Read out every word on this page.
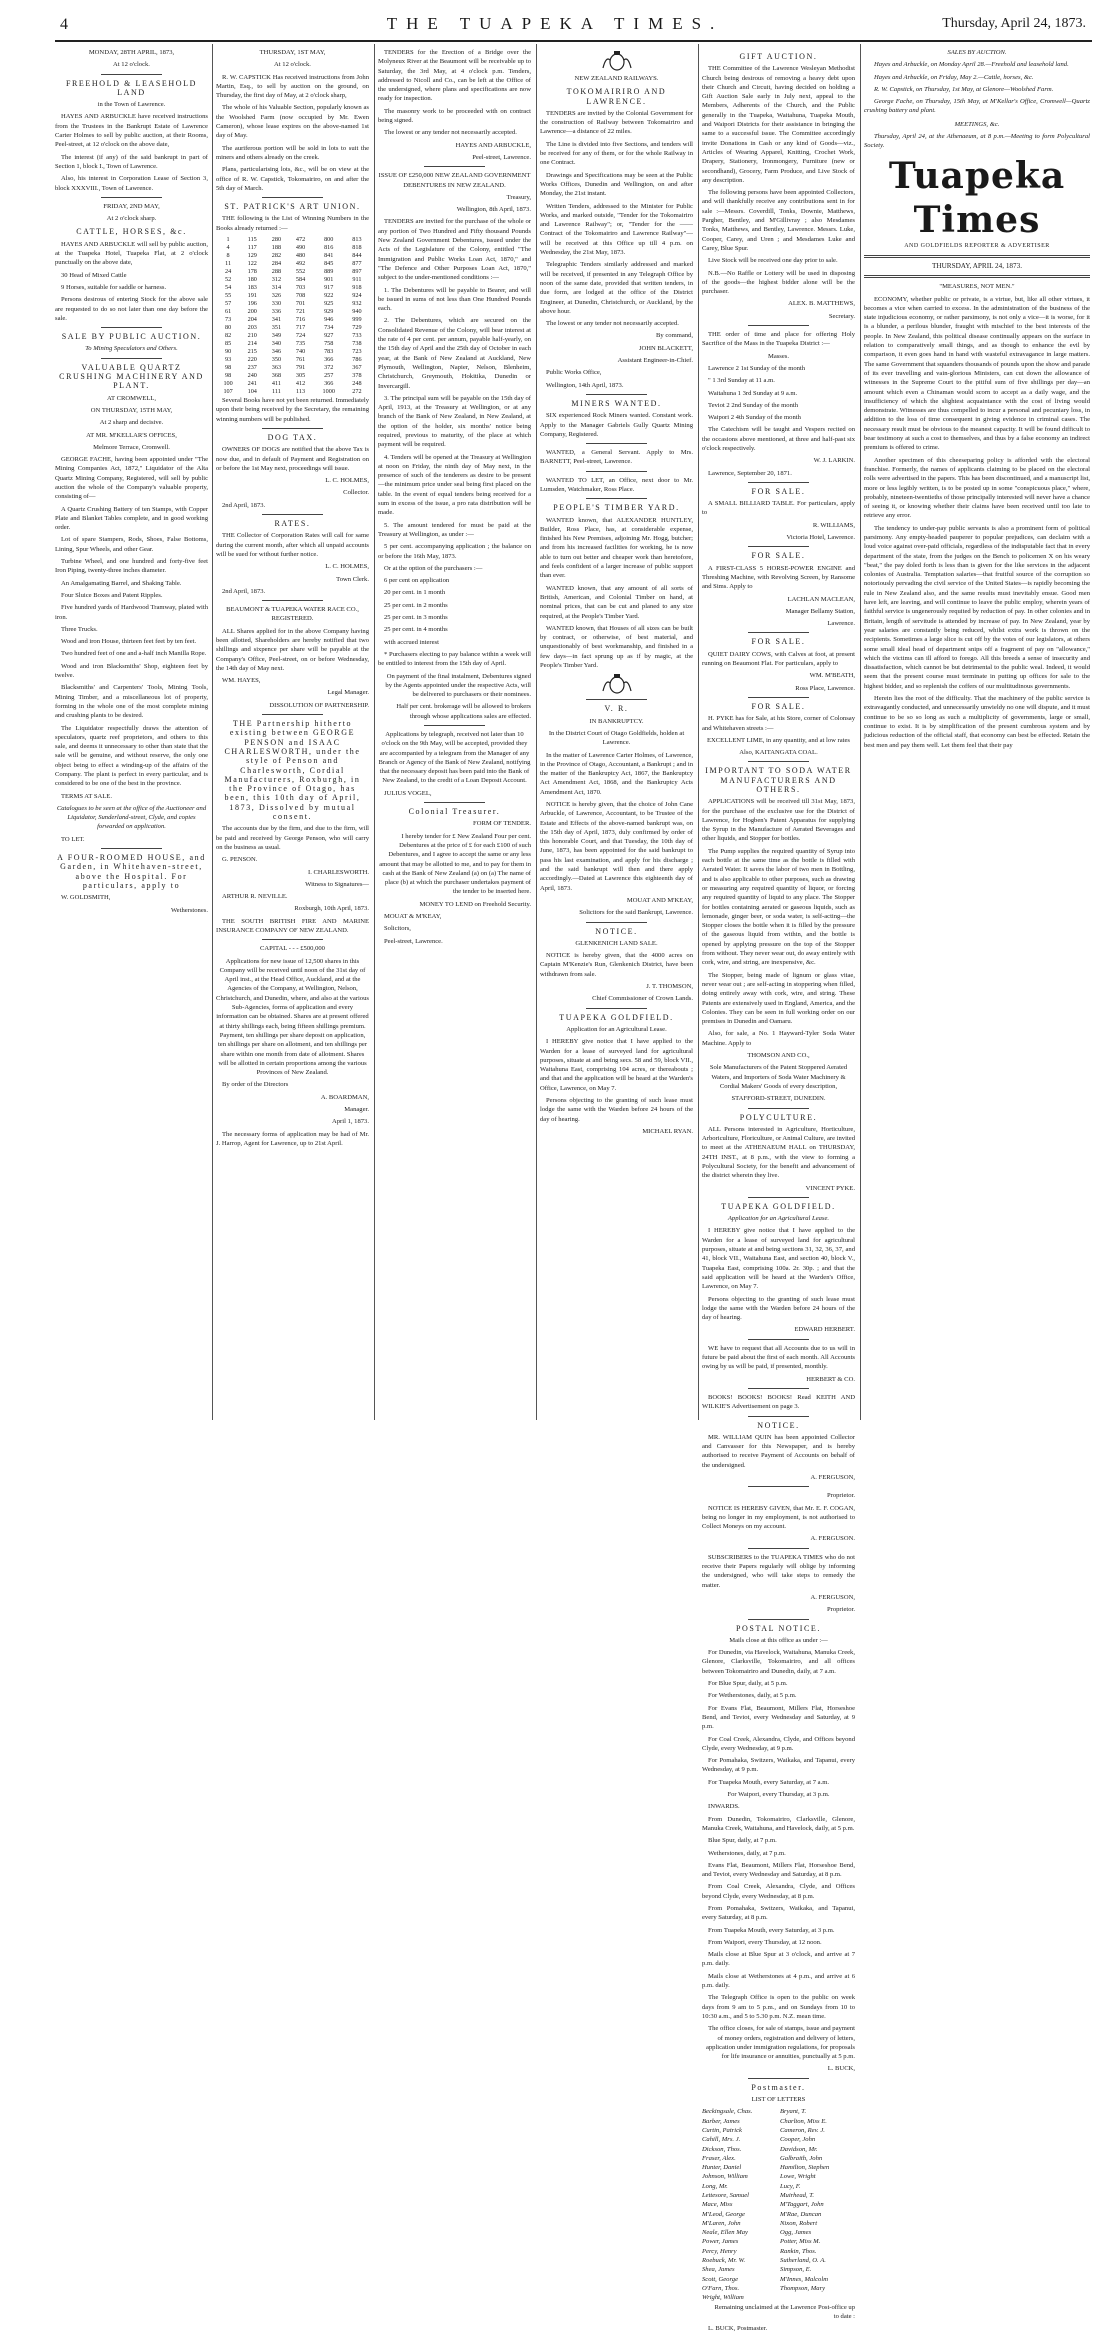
4	THE TUAPEKA TIMES.	Thursday, April 24, 1873.

MONDAY, 28TH APRIL, 1873,

At 12 o'clock.

FREEHOLD & LEASEHOLD LAND

in the Town of Lawrence.

HAYES AND ARBUCKLE have received instructions from the Trustees in the Bankrupt Estate of Lawrence Carter Holmes to sell by public auction, at their Rooms, Peel-street, at 12 o'clock on the above date,

The interest (if any) of the said bankrupt in part of Section 1, block I., Town of Lawrence.

Also, his interest in Corporation Lease of Section 3, block XXXVIII., Town of Lawrence.

FRIDAY, 2ND MAY,

At 2 o'clock sharp.

CATTLE, HORSES, &c.

HAYES AND ARBUCKLE will sell by public auction, at the Tuapeka Hotel, Tuapeka Flat, at 2 o'clock punctually on the above date,

30 Head of Mixed Cattle

9 Horses, suitable for saddle or harness.

Persons desirous of entering Stock for the above sale are requested to do so not later than one day before the sale.

SALE BY PUBLIC AUCTION.

To Mining Speculators and Others.

VALUABLE QUARTZ CRUSHING MACHINERY AND PLANT.

AT CROMWELL,

ON THURSDAY, 15TH MAY,

At 2 sharp and decisive.

AT MR. M'KELLAR'S OFFICES,

Melmore Terrace, Cromwell.

GEORGE FACHE, having been appointed under "The Mining Companies Act, 1872," Liquidator of the Alta Quartz Mining Company, Registered, will sell by public auction the whole of the Company's valuable property, consisting of—

A Quartz Crushing Battery of ten Stamps, with Copper Plate and Blanket Tables complete, and in good working order.

Lot of spare Stampers, Rods, Shoes, False Bottoms, Lining, Spur Wheels, and other Gear.

Turbine Wheel, and one hundred and forty-five feet Iron Piping, twenty-three inches diameter.

An Amalgamating Barrel, and Shaking Table.

Four Sluice Boxes and Patent Ripples.

Five hundred yards of Hardwood Tramway, plated with iron.

Three Trucks.

Wood and iron House, thirteen feet feet by ten feet.

Two hundred feet of one and a-half inch Manilla Rope.

Wood and iron Blacksmiths' Shop, eighteen feet by twelve.

Blacksmiths' and Carpenters' Tools, Mining Tools, Mining Timber, and a miscellaneous lot of property, forming in the whole one of the most complete mining and crushing plants to be desired.

The Liquidator respectfully draws the attention of speculators, quartz reef proprietors, and others to this sale, and deems it unnecessary to other than state that the sale will be genuine, and without reserve, the only one object being to effect a winding-up of the affairs of the Company. The plant is perfect in every particular, and is considered to be one of the best in the province.

TERMS AT SALE.

Catalogues to be seen at the office of the Auctioneer and Liquidator, Sunderland-street, Clyde, and copies forwarded on application.

TO LET.

A FOUR-ROOMED HOUSE, and Garden, in Whitehaven-street, above the Hospital. For particulars, apply to

W. GOLDSMITH,

Wetherstones.

THURSDAY, 1ST MAY,

At 12 o'clock.

R. W. CAPSTICK Has received instructions from John Martin, Esq., to sell by auction on the ground, on Thursday, the first day of May, at 2 o'clock sharp,

The whole of his Valuable Section, popularly known as the Woolshed Farm (now occupied by Mr. Ewen Cameron), whose lease expires on the above-named 1st day of May.

The auriferous portion will be sold in lots to suit the miners and others already on the creek.

Plans, particularising lots, &c., will be on view at the office of R. W. Capstick, Tokomairiro, on and after the 5th day of March.

ST. PATRICK'S ART UNION.

THE following is the List of Winning Numbers in the Books already returned :—

1	115	280	472	800	813
4	117	188	490	816	818
8	129	282	480	841	844
11	122	284	492	845	877
24	178	288	552	889	897
52	180	312	584	901	911
54	183	314	703	917	918
55	191	326	708	922	924
57	196	330	701	925	932
61	200	336	721	929	940
73	204	341	716	946	999
80	203	351	717	734	729
82	210	349	724	927	733
85	214	340	735	758	738
90	215	346	740	783	723
93	220	350	761	366	786
98	237	363	791	372	367
98	240	368	305	257	378
100	241	411	412	366	248
107	104	111	113	1000	272

Several Books have not yet been returned. Immediately upon their being received by the Secretary, the remaining winning numbers will be published.

DOG TAX.

OWNERS OF DOGS are notified that the above Tax is now due, and in default of Payment and Registration on or before the 1st May next, proceedings will issue.

L. C. HOLMES,

Collector.

2nd April, 1873.

RATES.

THE Collector of Corporation Rates will call for same during the current month, after which all unpaid accounts will be sued for without further notice.

L. C. HOLMES,

Town Clerk.

2nd April, 1873.

BEAUMONT & TUAPEKA WATER RACE CO., REGISTERED.

ALL Shares applied for in the above Company having been allotted, Shareholders are hereby notified that two shillings and sixpence per share will be payable at the Company's Office, Peel-street, on or before Wednesday, the 14th day of May next.

WM. HAYES,

Legal Manager.

DISSOLUTION OF PARTNERSHIP.

THE Partnership hitherto existing between GEORGE PENSON and ISAAC CHARLESWORTH, under the style of Penson and Charlesworth, Cordial Manufacturers, Roxburgh, in the Province of Otago, has been, this 10th day of April, 1873, Dissolved by mutual consent.

The accounts due by the firm, and due to the firm, will be paid and received by George Penson, who will carry on the business as usual.

G. PENSON.

I. CHARLESWORTH.

Witness to Signatures—

ARTHUR R. NEVILLE.

Roxburgh, 10th April, 1873.

THE SOUTH BRITISH FIRE AND MARINE INSURANCE COMPANY OF NEW ZEALAND.

CAPITAL - - - £500,000

Applications for new issue of 12,500 shares in this Company will be received until noon of the 31st day of April inst., at the Head Office, Auckland, and at the Agencies of the Company, at Wellington, Nelson, Christchurch, and Dunedin, where, and also at the various Sub-Agencies, forms of application and every information can be obtained. Shares are at present offered at thirty shillings each, being fifteen shillings premium. Payment, ten shillings per share deposit on application, ten shillings per share on allotment, and ten shillings per share within one month from date of allotment. Shares will be allotted in certain proportions among the various Provinces of New Zealand.

By order of the Directors

A. BOARDMAN,

Manager.

April 1, 1873.

The necessary forms of application may be had of Mr. J. Harrop, Agent for Lawrence, up to 21st April.

TENDERS for the Erection of a Bridge over the Molyneux River at the Beaumont will be receivable up to Saturday, the 3rd May, at 4 o'clock p.m. Tenders, addressed to Nicoll and Co., can be left at the Office of the undersigned, where plans and specifications are now ready for inspection.

The masonry work to be proceeded with on contract being signed.

The lowest or any tender not necessarily accepted.

HAYES AND ARBUCKLE,

Peel-street, Lawrence.

ISSUE OF £250,000 NEW ZEALAND GOVERNMENT DEBENTURES IN NEW ZEALAND.

Treasury,

Wellington, 8th April, 1873.

TENDERS are invited for the purchase of the whole or any portion of Two Hundred and Fifty thousand Pounds New Zealand Government Debentures, issued under the Acts of the Legislature of the Colony, entitled "The Immigration and Public Works Loan Act, 1870," and "The Defence and Other Purposes Loan Act, 1870," subject to the under-mentioned conditions :—

1. The Debentures will be payable to Bearer, and will be issued in sums of not less than One Hundred Pounds each.

2. The Debentures, which are secured on the Consolidated Revenue of the Colony, will bear interest at the rate of 4 per cent. per annum, payable half-yearly, on the 15th day of April and the 25th day of October in each year, at the Bank of New Zealand at Auckland, New Plymouth, Wellington, Napier, Nelson, Blenheim, Christchurch, Greymouth, Hokitika, Dunedin or Invercargill.

3. The principal sum will be payable on the 15th day of April, 1913, at the Treasury at Wellington, or at any branch of the Bank of New Zealand, in New Zealand, at the option of the holder, six months' notice being required, previous to maturity, of the place at which payment will be required.

4. Tenders will be opened at the Treasury at Wellington at noon on Friday, the ninth day of May next, in the presence of such of the tenderers as desire to be present—the minimum price under seal being first placed on the table. In the event of equal tenders being received for a sum in excess of the issue, a pro rata distribution will be made.

5. The amount tendered for must be paid at the Treasury at Wellington, as under :—

5 per cent. accompanying application ; the balance on or before the 16th May, 1873.

Or at the option of the purchasers :—

6 per cent on application

20 per cent. in 1 month

25 per cent. in 2 months

25 per cent. in 3 months

25 per cent. in 4 months

with accrued interest

* Purchasers electing to pay balance within a week will be entitled to interest from the 15th day of April.

On payment of the final instalment, Debentures signed by the Agents appointed under the respective Acts, will be delivered to purchasers or their nominees.

Half per cent. brokerage will be allowed to brokers through whose applications sales are effected.

Applications by telegraph, received not later than 10 o'clock on the 9th May, will be accepted, provided they are accompanied by a telegram from the Manager of any Branch or Agency of the Bank of New Zealand, notifying that the necessary deposit has been paid into the Bank of New Zealand, to the credit of a Loan Deposit Account.

JULIUS VOGEL,

Colonial Treasurer.

FORM OF TENDER.

I hereby tender for £ New Zealand Four per cent. Debentures at the price of £ for each £100 of such Debentures, and I agree to accept the same or any less amount that may be allotted to me, and to pay for them in cash at the Bank of New Zealand (a) on (a) The name of place (b) at which the purchaser undertakes payment of the tender to be inserted here.

MONEY TO LEND on Freehold Security.

MOUAT & M'KEAY,

Solicitors,

Peel-street, Lawrence.

NEW ZEALAND RAILWAYS.

TOKOMAIRIRO AND LAWRENCE.

TENDERS are invited by the Colonial Government for the construction of Railway between Tokomairiro and Lawrence—a distance of 22 miles.

The Line is divided into five Sections, and tenders will be received for any of them, or for the whole Railway in one Contract.

Drawings and Specifications may be seen at the Public Works Offices, Dunedin and Wellington, on and after Monday, the 21st instant.

Written Tenders, addressed to the Minister for Public Works, and marked outside, "Tender for the Tokomairiro and Lawrence Railway"; or, "Tender for the —— Contract of the Tokomairiro and Lawrence Railway"—will be received at this Office up till 4 p.m. on Wednesday, the 21st May, 1873.

Telegraphic Tenders similarly addressed and marked will be received, if presented in any Telegraph Office by noon of the same date, provided that written tenders, in due form, are lodged at the office of the District Engineer, at Dunedin, Christchurch, or Auckland, by the above hour.

The lowest or any tender not necessarily accepted.

By command,

JOHN BLACKETT,

Assistant Engineer-in-Chief.

Public Works Office,

Wellington, 14th April, 1873.

MINERS WANTED.

SIX experienced Rock Miners wanted. Constant work. Apply to the Manager Gabriels Gully Quartz Mining Company, Registered.

WANTED, a General Servant. Apply to Mrs. BARNETT, Peel-street, Lawrence.

WANTED TO LET, an Office, next door to Mr. Lumsden, Watchmaker, Ross Place.

PEOPLE'S TIMBER YARD.

WANTED known, that ALEXANDER HUNTLEY, Builder, Ross Place, has, at considerable expense, finished his New Premises, adjoining Mr. Hogg, butcher; and from his increased facilities for working, he is now able to turn out better and cheaper work than heretofore, and feels confident of a larger increase of public support than ever.

WANTED known, that any amount of all sorts of British, American, and Colonial Timber on hand, at nominal prices, that can be cut and planed to any size required, at the People's Timber Yard.

WANTED known, that Houses of all sizes can be built by contract, or otherwise, of best material, and unquestionably of best workmanship, and finished in a few days—in fact sprung up as if by magic, at the People's Timber Yard.

V. R.

IN BANKRUPTCY.

In the District Court of Otago Goldfields, holden at Lawrence.

In the matter of Lawrence Carter Holmes, of Lawrence, in the Province of Otago, Accountant, a Bankrupt ; and in the matter of the Bankruptcy Act, 1867, the Bankruptcy Act Amendment Act, 1868, and the Bankruptcy Acts Amendment Act, 1870.

NOTICE is hereby given, that the choice of John Cane Arbuckle, of Lawrence, Accountant, to be Trustee of the Estate and Effects of the above-named bankrupt was, on the 15th day of April, 1873, duly confirmed by order of this honorable Court, and that Tuesday, the 10th day of June, 1873, has been appointed for the said bankrupt to pass his last examination, and apply for his discharge ; and the said bankrupt will then and there apply accordingly.—Dated at Lawrence this eighteenth day of April, 1873.

MOUAT AND M'KEAY,

Solicitors for the said Bankrupt, Lawrence.

NOTICE.

GLENKENICH LAND SALE.

NOTICE is hereby given, that the 4000 acres on Captain M'Kenzie's Run, Glenkenich District, have been withdrawn from sale.

J. T. THOMSON,

Chief Commissioner of Crown Lands.

TUAPEKA GOLDFIELD.

Application for an Agricultural Lease.

I HEREBY give notice that I have applied to the Warden for a lease of surveyed land for agricultural purposes, situate at and being secs. 58 and 59, block VII., Waitahuna East, comprising 104 acres, or thereabouts ; and that and the application will be heard at the Warden's Office, Lawrence, on May 7.

Persons objecting to the granting of such lease must lodge the same with the Warden before 24 hours of the day of hearing.

MICHAEL RYAN.

GIFT AUCTION.

THE Committee of the Lawrence Wesleyan Methodist Church being desirous of removing a heavy debt upon their Church and Circuit, having decided on holding a Gift Auction Sale early in July next, appeal to the Members, Adherents of the Church, and the Public generally in the Tuapeka, Waitahuna, Tuapeka Mouth, and Waipori Districts for their assistance in bringing the same to a successful issue. The Committee accordingly invite Donations in Cash or any kind of Goods—viz., Articles of Wearing Apparel, Knitting, Crochet Work, Drapery, Stationery, Ironmongery, Furniture (new or secondhand), Grocery, Farm Produce, and Live Stock of any description.

The following persons have been appointed Collectors, and will thankfully receive any contributions sent in for sale :—Messrs. Coverdill, Tonks, Downie, Matthews, Pargher, Bentley, and M'Gillivray ; also Mesdames Tonks, Matthews, and Bentley, Lawrence. Messrs. Luke, Cooper, Carey, and Uren ; and Mesdames Luke and Carey, Blue Spur.

Live Stock will be received one day prior to sale.

N.B.—No Raffle or Lottery will be used in disposing of the goods—the highest bidder alone will be the purchaser.

ALEX. B. MATTHEWS,

Secretary.

THE order of time and place for offering Holy Sacrifice of the Mass in the Tuapeka District :—

Masses.

Lawrence 2 1st Sunday of the month

" 1 3rd Sunday at 11 a.m.

Waitahuna 1 3rd Sunday at 9 a.m.

Teviot 2 2nd Sunday of the month

Waipori 2 4th Sunday of the month

The Catechism will be taught and Vespers recited on the occasions above mentioned, at three and half-past six o'clock respectively.

W. J. LARKIN.

Lawrence, September 20, 1871.

FOR SALE.

A SMALL BILLIARD TABLE. For particulars, apply to

R. WILLIAMS,

Victoria Hotel, Lawrence.

FOR SALE.

A FIRST-CLASS 5 HORSE-POWER ENGINE and Threshing Machine, with Revolving Screen, by Ransome and Sims. Apply to

LACHLAN MACLEAN,

Manager Bellamy Station,

Lawrence.

FOR SALE.

QUIET DAIRY COWS, with Calves at foot, at present running on Beaumont Flat. For particulars, apply to

WM. M'BEATH,

Ross Place, Lawrence.

FOR SALE.

H. PYKE has for Sale, at his Store, corner of Colonsay and Whitehaven streets :—

EXCELLENT LIME, in any quantity, and at low rates

Also, KAITANGATA COAL.

IMPORTANT TO SODA WATER MANUFACTURERS AND OTHERS.

APPLICATIONS will be received till 31st May, 1873, for the purchase of the exclusive use for the District of Lawrence, for Hogben's Patent Apparatus for supplying the Syrup in the Manufacture of Aerated Beverages and other liquids, and Stopper for bottles.

The Pump supplies the required quantity of Syrup into each bottle at the same time as the bottle is filled with Aerated Water. It saves the labor of two men in Bottling, and is also applicable to other purposes, such as drawing or measuring any required quantity of liquor, or forcing any required quantity of liquid to any place. The Stopper for bottles containing aerated or gaseous liquids, such as lemonade, ginger beer, or soda water, is self-acting—the Stopper closes the bottle when it is filled by the pressure of the gaseous liquid from within, and the bottle is opened by applying pressure on the top of the Stopper from without. They never wear out, do away entirely with cork, wire, and string, are inexpensive, &c.

The Stopper, being made of lignum or glass vitae, never wear out ; are self-acting in stoppering when filled, doing entirely away with cork, wire, and string. These Patents are extensively used in England, America, and the Colonies. They can be seen in full working order on our premises in Dunedin and Oamaru.

Also, for sale, a No. 1 Hayward-Tyler Soda Water Machine. Apply to

THOMSON AND CO.,

Sole Manufacturers of the Patent Stoppered Aerated Waters, and Importers of Soda Water Machinery & Cordial Makers' Goods of every description,

STAFFORD-STREET, DUNEDIN.

POLYCULTURE.

ALL Persons interested in Agriculture, Horticulture, Arboriculture, Floriculture, or Animal Culture, are invited to meet at the ATHENAEUM HALL on THURSDAY, 24TH INST., at 8 p.m., with the view to forming a Polycultural Society, for the benefit and advancement of the district wherein they live.

VINCENT PYKE.

TUAPEKA GOLDFIELD.

Application for an Agricultural Lease.

I HEREBY give notice that I have applied to the Warden for a lease of surveyed land for agricultural purposes, situate at and being sections 31, 32, 36, 37, and 41, block VII., Waitahuna East, and section 40, block V., Tuapeka East, comprising 100a. 2r. 30p. ; and that the said application will be heard at the Warden's Office, Lawrence, on May 7.

Persons objecting to the granting of such lease must lodge the same with the Warden before 24 hours of the day of hearing.

EDWARD HERBERT.

WE have to request that all Accounts due to us will in future be paid about the first of each month. All Accounts owing by us will be paid, if presented, monthly.

HERBERT & CO.

BOOKS! BOOKS! BOOKS! Read KEITH AND WILKIE'S Advertisement on page 3.

NOTICE.

MR. WILLIAM QUIN has been appointed Collector and Canvasser for this Newspaper, and is hereby authorised to receive Payment of Accounts on behalf of the undersigned.

A. FERGUSON,

Proprietor.

NOTICE IS HEREBY GIVEN, that Mr. E. F. COGAN, being no longer in my employment, is not authorised to Collect Moneys on my account.

A. FERGUSON.

SUBSCRIBERS to the TUAPEKA TIMES who do not receive their Papers regularly will oblige by informing the undersigned, who will take steps to remedy the matter.

A. FERGUSON,

Proprietor.

POSTAL NOTICE.

Mails close at this office as under :—

For Dunedin, via Havelock, Waitahuna, Manuka Creek, Glenore, Clarksville, Tokomairiro, and all offices between Tokomairiro and Dunedin, daily, at 7 a.m.

For Blue Spur, daily, at 5 p.m.

For Wetherstones, daily, at 5 p.m.

For Evans Flat, Beaumont, Millers Flat, Horseshoe Bend, and Teviot, every Wednesday and Saturday, at 9 p.m.

For Coal Creek, Alexandra, Clyde, and Offices beyond Clyde, every Wednesday, at 9 p.m.

For Pomahaka, Switzers, Waikaka, and Tapanui, every Wednesday, at 9 p.m.

For Tuapeka Mouth, every Saturday, at 7 a.m.

For Waipori, every Thursday, at 3 p.m.

INWARDS.

From Dunedin, Tokomairiro, Clarksville, Glenore, Manuka Creek, Waitahuna, and Havelock, daily, at 5 p.m.

Blue Spur, daily, at 7 p.m.

Wetherstones, daily, at 7 p.m.

Evans Flat, Beaumont, Millers Flat, Horseshoe Bend, and Teviot, every Wednesday and Saturday, at 8 p.m.

From Coal Creek, Alexandra, Clyde, and Offices beyond Clyde, every Wednesday, at 8 p.m.

From Pomahaka, Switzers, Waikaka, and Tapanui, every Saturday, at 8 p.m.

From Tuapeka Mouth, every Saturday, at 3 p.m.

From Waipori, every Thursday, at 12 noon.

Mails close at Blue Spur at 3 o'clock, and arrive at 7 p.m. daily.

Mails close at Wetherstones at 4 p.m., and arrive at 6 p.m. daily.

The Telegraph Office is open to the public on week days from 9 am to 5 p.m., and on Sundays from 10 to 10:30 a.m., and 5 to 5.30 p.m. N.Z. mean time.

The office closes, for sale of stamps, issue and payment of money orders, registration and delivery of letters, application under immigration regulations, for proposals for life insurance or annuities, punctually at 5 p.m.

L. BUCK,

Postmaster.

LIST OF LETTERS

Beckingsale, Chas.
Barber, James
Curtin, Patrick
Cahill, Mrs. J.
Dickson, Thos.
Fraser, Alex.
Hunter, Daniel
Johnson, William
Long, Mr.
Lettesore, Samuel
Mace, Miss
M'Leod, George
M'Laren, John
Neale, Ellen May
Power, James
Percy, Henry
Roebuck, Mr. W.
Shea, James
Scott, George
O'Farn, Thos.
Wright, William
Bryant, T.
Charlton, Miss E.
Cameron, Rev. J.
Cooper, John
Davidson, Mr.
Galbraith, John
Hamilton, Stephen
Lowe, Wright
Lucy, F.
Muirhead, T.
M'Taggart, John
M'Rae, Duncan
Nixon, Robert
Ogg, James
Potter, Miss M.
Rankin, Thos.
Sutherland, O. A.
Simpson, E.
M'Innes, Malcolm
Thompson, Mary

Remaining unclaimed at the Lawrence Post-office up to date :

L. BUCK, Postmaster.

SALES BY AUCTION.

Hayes and Arbuckle, on Monday April 28.—Freehold and leasehold land.

Hayes and Arbuckle, on Friday, May 2.—Cattle, horses, &c.

R. W. Capstick, on Thursday, 1st May, at Glenore—Woolshed Farm.

George Fache, on Thursday, 15th May, at M'Kellar's Office, Cromwell—Quartz crushing battery and plant.

MEETINGS, &c.

Thursday, April 24, at the Athenaeum, at 8 p.m.—Meeting to form Polycultural Society.

Tuapeka Times
AND GOLDFIELDS REPORTER & ADVERTISER

THURSDAY, APRIL 24, 1873.

"MEASURES, NOT MEN."

ECONOMY, whether public or private, is a virtue, but, like all other virtues, it becomes a vice when carried to excess. In the administration of the business of the state injudicious economy, or rather parsimony, is not only a vice—it is worse, for it is a blunder, a perilous blunder, fraught with mischief to the best interests of the people. In New Zealand, this political disease continually appears on the surface in relation to comparatively small things, and as though to enhance the evil by comparison, it even goes hand in hand with wasteful extravagance in large matters. The same Government that squanders thousands of pounds upon the show and parade of its ever travelling and vain-glorious Ministers, can cut down the allowance of witnesses in the Supreme Court to the pitiful sum of five shillings per day—an amount which even a Chinaman would scorn to accept as a daily wage, and the insufficiency of which the slightest acquaintance with the cost of living would demonstrate. Witnesses are thus compelled to incur a personal and pecuniary loss, in addition to the loss of time consequent in giving evidence in criminal cases. The necessary result must be obvious to the meanest capacity. It will be found difficult to bear testimony at such a cost to themselves, and thus by a false economy an indirect premium is offered to crime.

Another specimen of this cheeseparing policy is afforded with the electoral franchise. Formerly, the names of applicants claiming to be placed on the electoral rolls were advertised in the papers. This has been discontinued, and a manuscript list, more or less legibly written, is to be posted up in some "conspicuous place," where, probably, nineteen-twentieths of those principally interested will never have a chance of seeing it, or knowing whether their claims have been received until too late to retrieve any error.

The tendency to under-pay public servants is also a prominent form of political parsimony. Any empty-headed pauperer to popular prejudices, can declaim with a loud voice against over-paid officials, regardless of the indisputable fact that in every department of the state, from the judges on the Bench to policemen X on his weary "beat," the pay doled forth is less than is given for the like services in the adjacent colonies of Australia. Temptation salaries—that fruitful source of the corruption so notoriously pervading the civil service of the United States—is rapidly becoming the rule in New Zealand also, and the same results must inevitably ensue. Good men have left, are leaving, and will continue to leave the public employ, wherein years of faithful service is ungenerously requited by reduction of pay. In other colonies and in Britain, length of servitude is attended by increase of pay. In New Zealand, year by year salaries are constantly being reduced, whilst extra work is thrown on the recipients. Sometimes a large slice is cut off by the votes of our legislators, at others some small ideal head of department snips off a fragment of pay on "allowance," which the victims can ill afford to forego. All this breeds a sense of insecurity and dissatisfaction, which cannot be but detrimental to the public weal. Indeed, it would seem that the present course must terminate in putting up offices for sale to the highest bidder, and so replenish the coffers of our multitudinous governments.

Herein lies the root of the difficulty. That the machinery of the public service is extravagantly conducted, and unnecessarily unwieldy no one will dispute, and it must continue to be so so long as such a multiplicity of governments, large or small, continue to exist. It is by simplification of the present cumbrous system and by judicious reduction of the official staff, that economy can best be effected. Retain the best men and pay them well. Let them feel that their pay
